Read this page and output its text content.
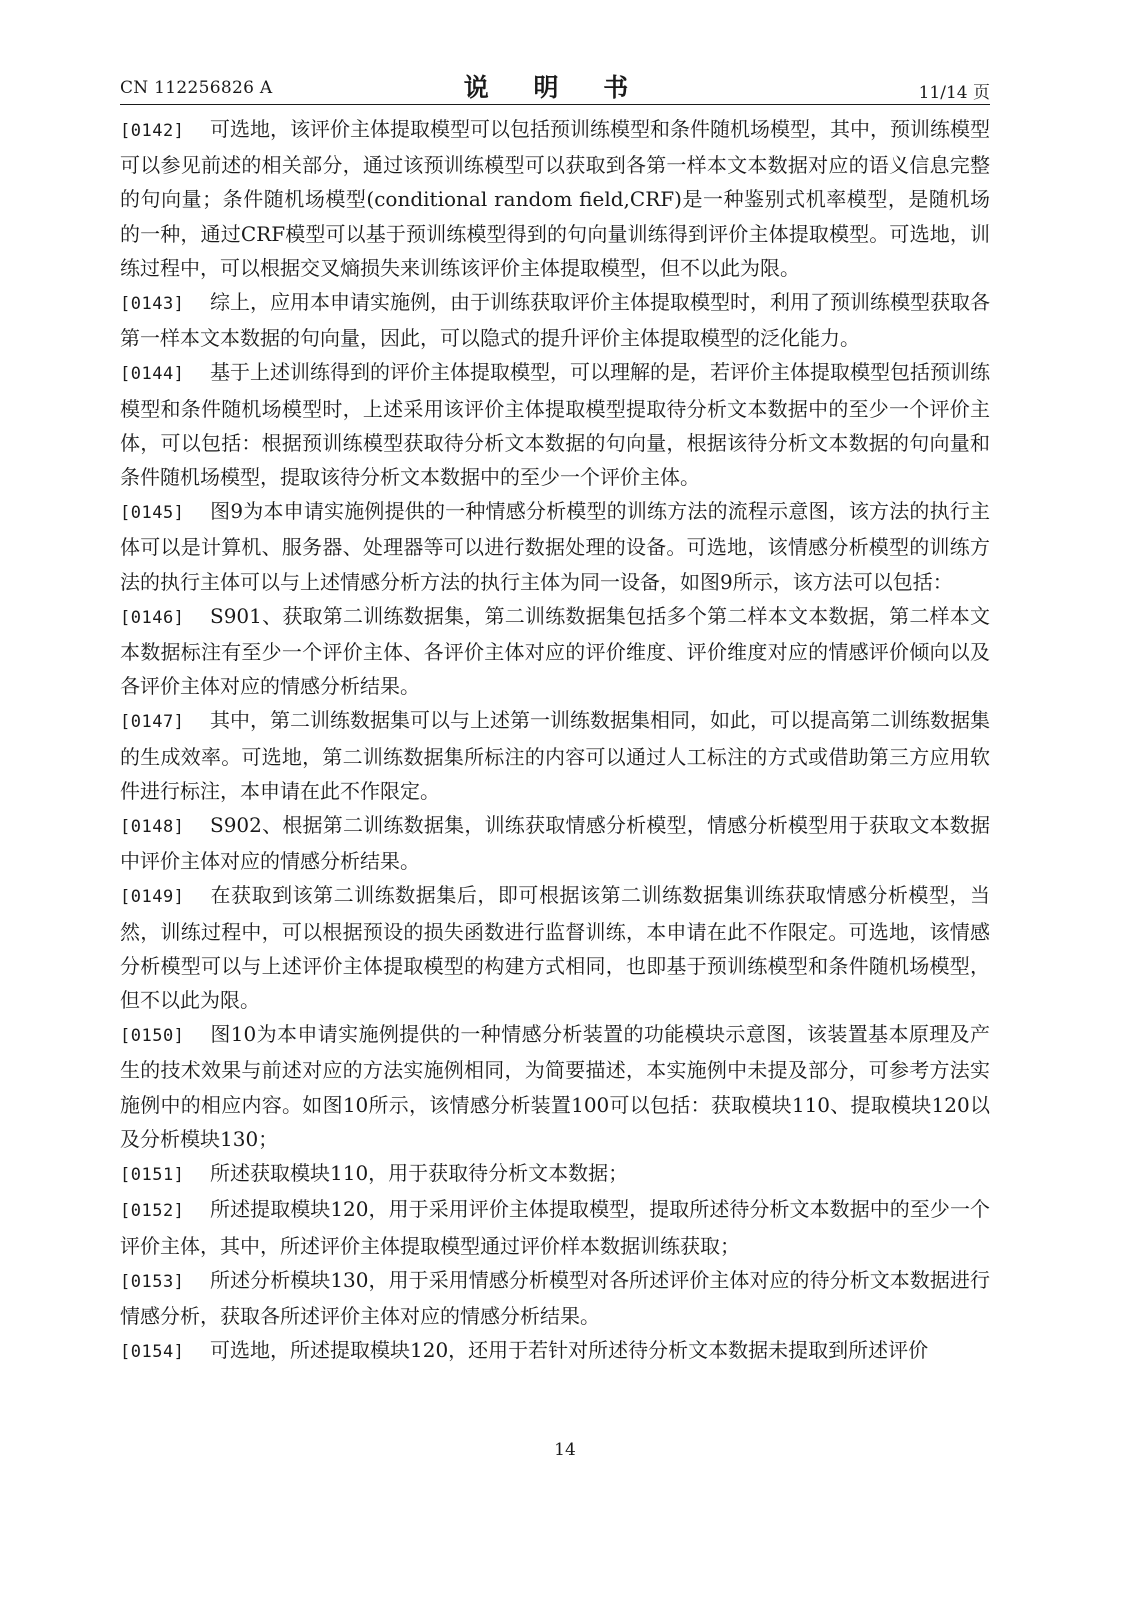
CN 112256826 A	说 明 书	11/14 页

[0142] 可选地，该评价主体提取模型可以包括预训练模型和条件随机场模型，其中，预训练模型可以参见前述的相关部分，通过该预训练模型可以获取到各第一样本文本数据对应的语义信息完整的句向量；条件随机场模型(conditional random field,CRF)是一种鉴别式机率模型，是随机场的一种，通过CRF模型可以基于预训练模型得到的句向量训练得到评价主体提取模型。可选地，训练过程中，可以根据交叉熵损失来训练该评价主体提取模型，但不以此为限。

[0143] 综上，应用本申请实施例，由于训练获取评价主体提取模型时，利用了预训练模型获取各第一样本文本数据的句向量，因此，可以隐式的提升评价主体提取模型的泛化能力。

[0144] 基于上述训练得到的评价主体提取模型，可以理解的是，若评价主体提取模型包括预训练模型和条件随机场模型时，上述采用该评价主体提取模型提取待分析文本数据中的至少一个评价主体，可以包括：根据预训练模型获取待分析文本数据的句向量，根据该待分析文本数据的句向量和条件随机场模型，提取该待分析文本数据中的至少一个评价主体。

[0145] 图9为本申请实施例提供的一种情感分析模型的训练方法的流程示意图，该方法的执行主体可以是计算机、服务器、处理器等可以进行数据处理的设备。可选地，该情感分析模型的训练方法的执行主体可以与上述情感分析方法的执行主体为同一设备，如图9所示，该方法可以包括：

[0146] S901、获取第二训练数据集，第二训练数据集包括多个第二样本文本数据，第二样本文本数据标注有至少一个评价主体、各评价主体对应的评价维度、评价维度对应的情感评价倾向以及各评价主体对应的情感分析结果。

[0147] 其中，第二训练数据集可以与上述第一训练数据集相同，如此，可以提高第二训练数据集的生成效率。可选地，第二训练数据集所标注的内容可以通过人工标注的方式或借助第三方应用软件进行标注，本申请在此不作限定。

[0148] S902、根据第二训练数据集，训练获取情感分析模型，情感分析模型用于获取文本数据中评价主体对应的情感分析结果。

[0149] 在获取到该第二训练数据集后，即可根据该第二训练数据集训练获取情感分析模型，当然，训练过程中，可以根据预设的损失函数进行监督训练，本申请在此不作限定。可选地，该情感分析模型可以与上述评价主体提取模型的构建方式相同，也即基于预训练模型和条件随机场模型，但不以此为限。

[0150] 图10为本申请实施例提供的一种情感分析装置的功能模块示意图，该装置基本原理及产生的技术效果与前述对应的方法实施例相同，为简要描述，本实施例中未提及部分，可参考方法实施例中的相应内容。如图10所示，该情感分析装置100可以包括：获取模块110、提取模块120以及分析模块130；

[0151] 所述获取模块110，用于获取待分析文本数据；

[0152] 所述提取模块120，用于采用评价主体提取模型，提取所述待分析文本数据中的至少一个评价主体，其中，所述评价主体提取模型通过评价样本数据训练获取；

[0153] 所述分析模块130，用于采用情感分析模型对各所述评价主体对应的待分析文本数据进行情感分析，获取各所述评价主体对应的情感分析结果。

[0154] 可选地，所述提取模块120，还用于若针对所述待分析文本数据未提取到所述评价

14
